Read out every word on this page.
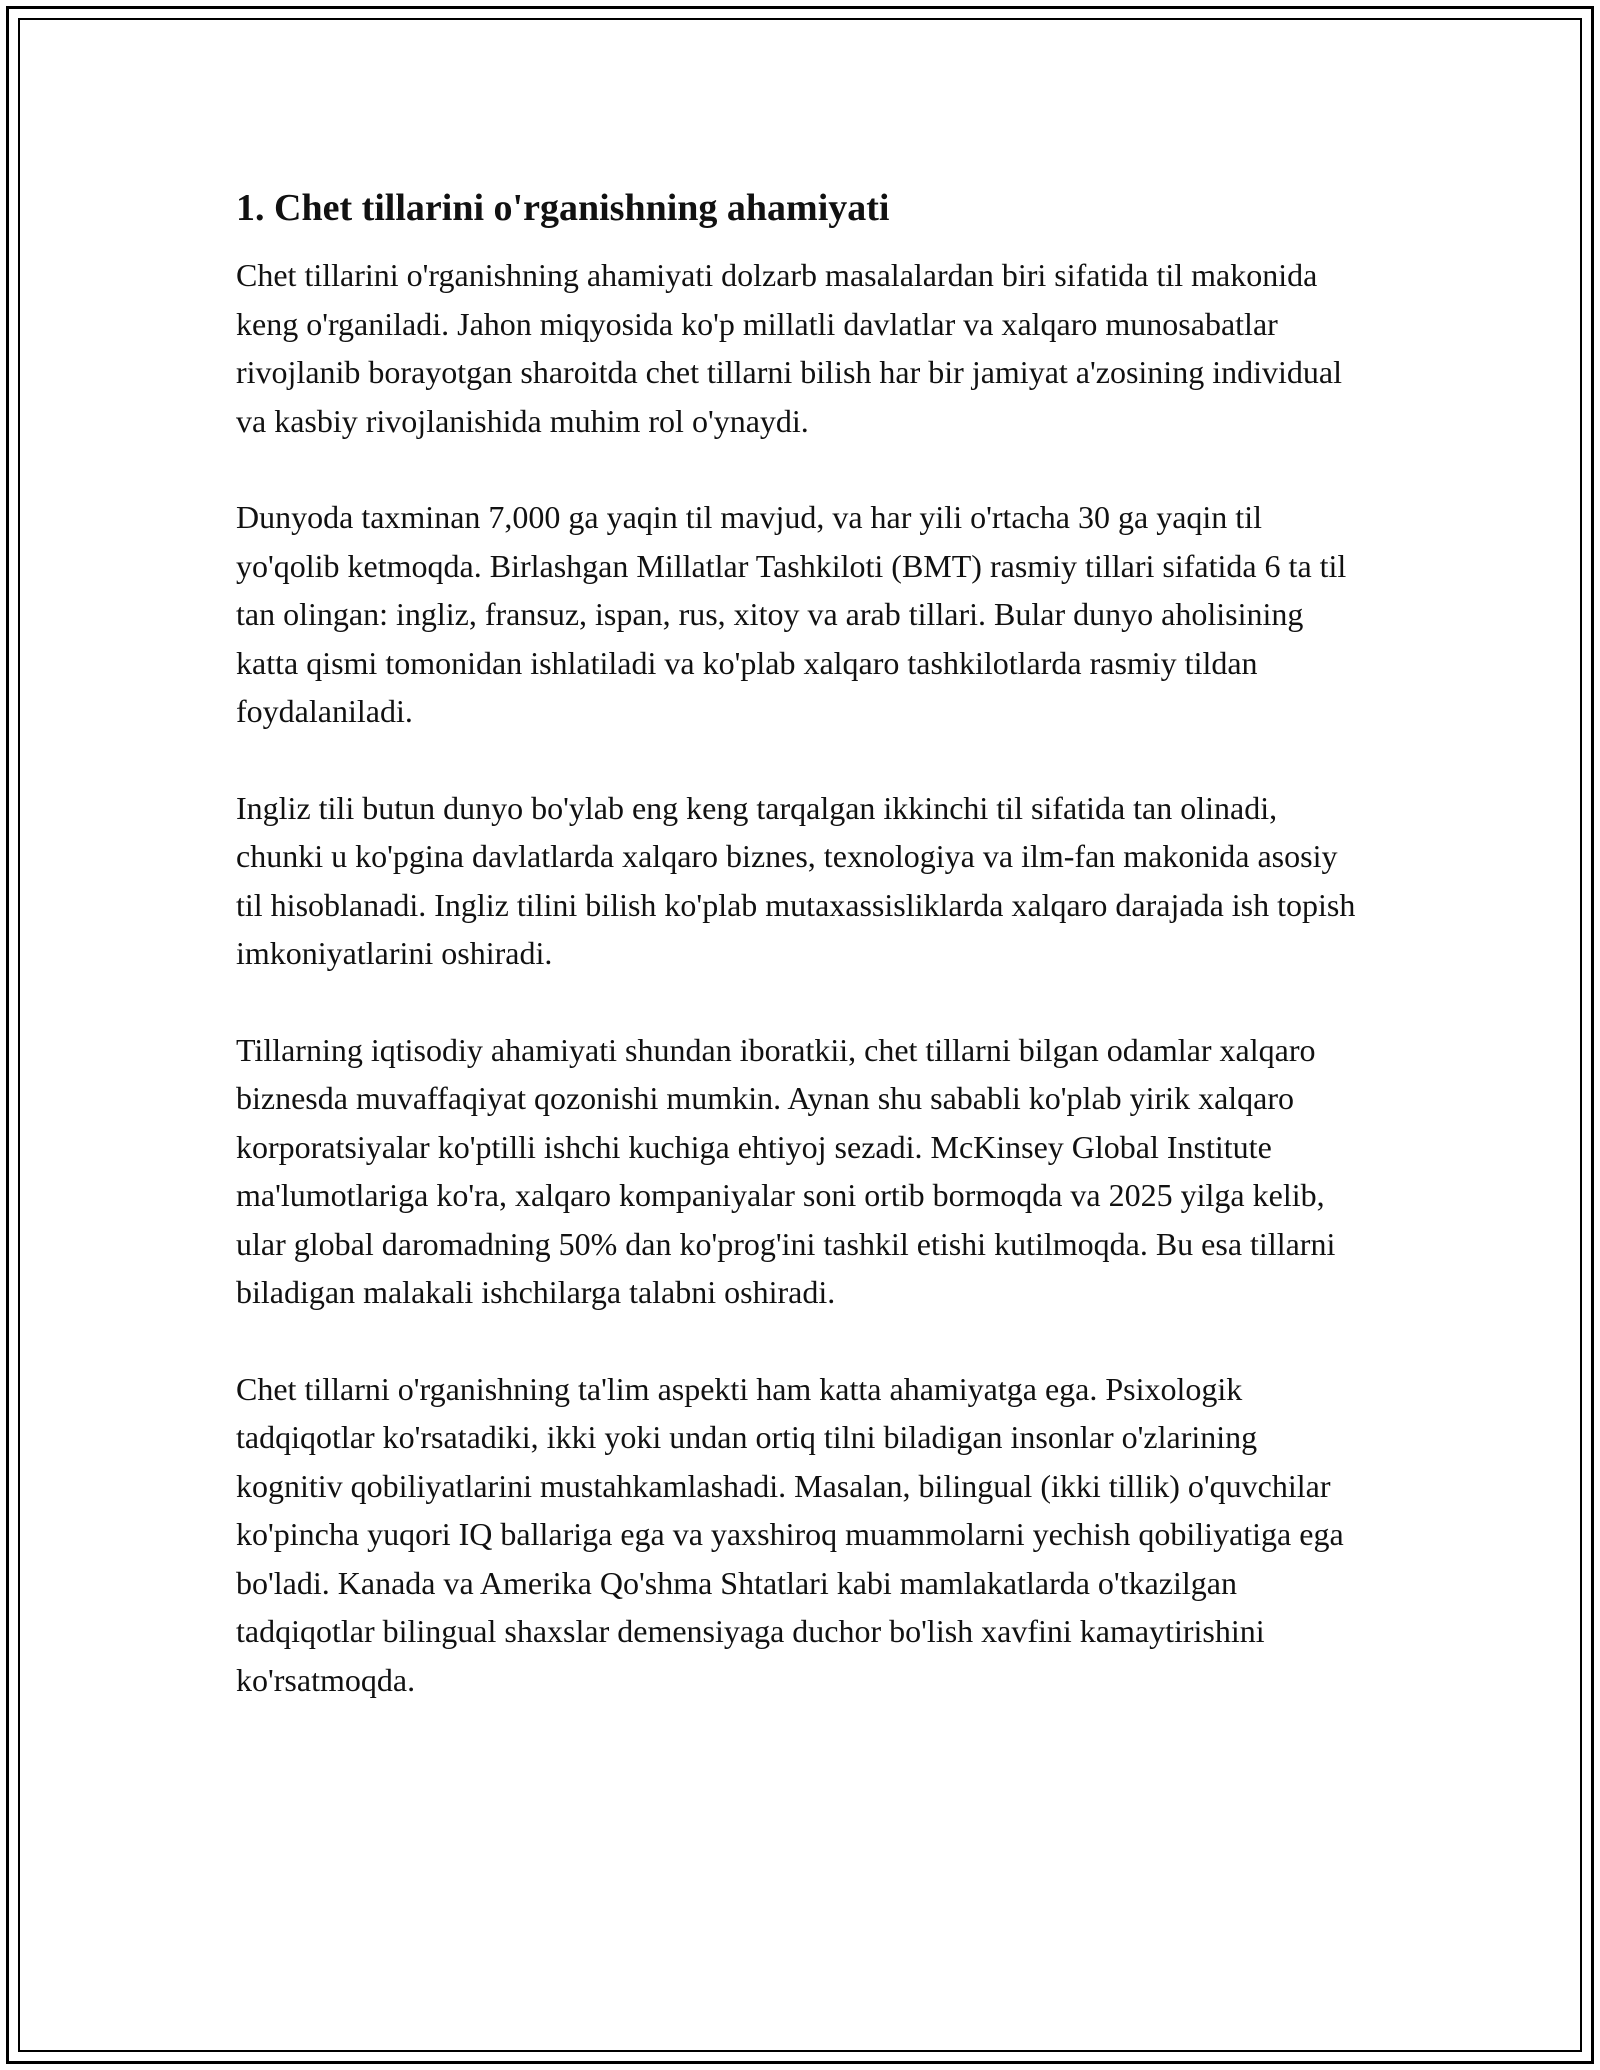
1. Chet tillarini o'rganishning ahamiyati

Chet tillarini o'rganishning ahamiyati dolzarb masalalardan biri sifatida til makonida keng o'rganiladi. Jahon miqyosida ko'p millatli davlatlar va xalqaro munosabatlar rivojlanib borayotgan sharoitda chet tillarni bilish har bir jamiyat a'zosining individual va kasbiy rivojlanishida muhim rol o'ynaydi.

Dunyoda taxminan 7,000 ga yaqin til mavjud, va har yili o'rtacha 30 ga yaqin til yo'qolib ketmoqda. Birlashgan Millatlar Tashkiloti (BMT) rasmiy tillari sifatida 6 ta til tan olingan: ingliz, fransuz, ispan, rus, xitoy va arab tillari. Bular dunyo aholisining katta qismi tomonidan ishlatiladi va ko'plab xalqaro tashkilotlarda rasmiy tildan foydalaniladi.

Ingliz tili butun dunyo bo'ylab eng keng tarqalgan ikkinchi til sifatida tan olinadi, chunki u ko'pgina davlatlarda xalqaro biznes, texnologiya va ilm-fan makonida asosiy til hisoblanadi. Ingliz tilini bilish ko'plab mutaxassisliklarda xalqaro darajada ish topish imkoniyatlarini oshiradi.

Tillarning iqtisodiy ahamiyati shundan iboratkii, chet tillarni bilgan odamlar xalqaro biznesda muvaffaqiyat qozonishi mumkin. Aynan shu sababli ko'plab yirik xalqaro korporatsiyalar ko'ptilli ishchi kuchiga ehtiyoj sezadi. McKinsey Global Institute ma'lumotlariga ko'ra, xalqaro kompaniyalar soni ortib bormoqda va 2025 yilga kelib, ular global daromadning 50% dan ko'prog'ini tashkil etishi kutilmoqda. Bu esa tillarni biladigan malakali ishchilarga talabni oshiradi.

Chet tillarni o'rganishning ta'lim aspekti ham katta ahamiyatga ega. Psixologik tadqiqotlar ko'rsatadiki, ikki yoki undan ortiq tilni biladigan insonlar o'zlarining kognitiv qobiliyatlarini mustahkamlashadi. Masalan, bilingual (ikki tillik) o'quvchilar ko'pincha yuqori IQ ballariga ega va yaxshiroq muammolarni yechish qobiliyatiga ega bo'ladi. Kanada va Amerika Qo'shma Shtatlari kabi mamlakatlarda o'tkazilgan tadqiqotlar bilingual shaxslar demensiyaga duchor bo'lish xavfini kamaytirishini ko'rsatmoqda.
